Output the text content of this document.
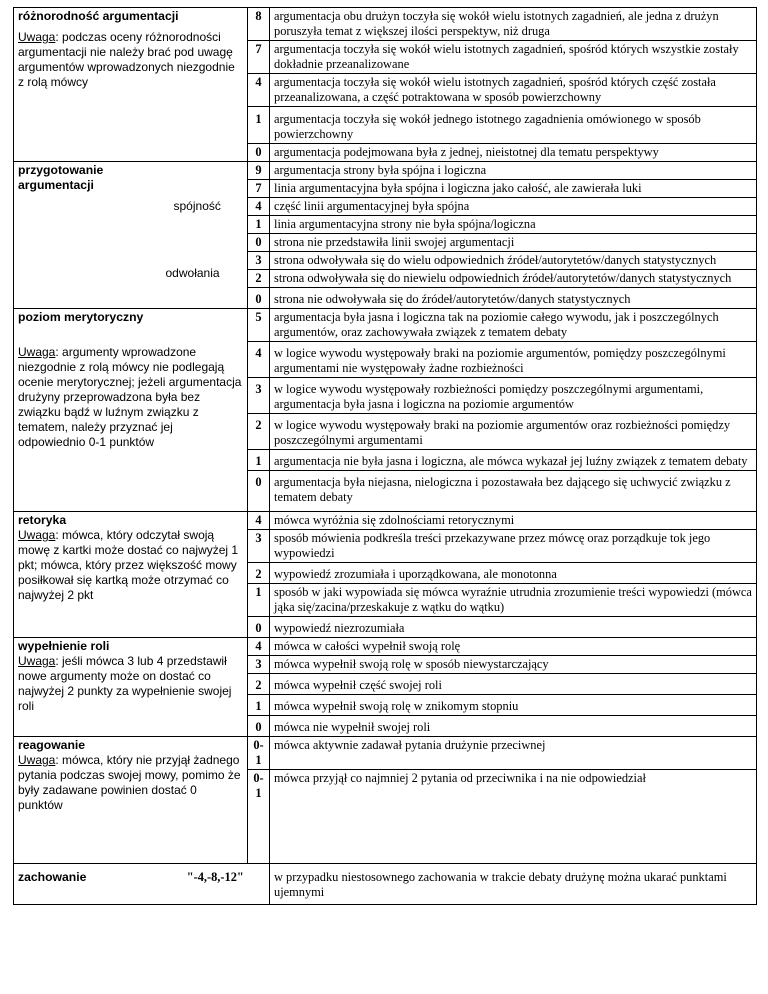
różnorodność argumentacji
Uwaga: podczas oceny różnorodności argumentacji nie należy brać pod uwagę argumentów wprowadzonych niezgodnie z rolą mówcy		8	argumentacja obu drużyn toczyła się wokół wielu istotnych zagadnień, ale jedna z drużyn poruszyła temat z większej ilości perspektyw, niż druga
		7	argumentacja toczyła się wokół wielu istotnych zagadnień, spośród których wszystkie zostały dokładnie przeanalizowane
		4	argumentacja toczyła się wokół wielu istotnych zagadnień, spośród których część została przeanalizowana, a część potraktowana w sposób powierzchowny
		1	argumentacja toczyła się wokół jednego istotnego zagadnienia omówionego w sposób powierzchowny
		0	argumentacja podejmowana była z jednej, nieistotnej dla tematu perspektywy

przygotowanie argumentacji		9	argumentacja strony była spójna i logiczna
		7	linia argumentacyjna była spójna i logiczna jako całość, ale zawierała luki

	spójność	4	część linii argumentacyjnej była spójna
		1	linia argumentacyjna strony nie była spójna/logiczna
		0	strona nie przedstawiła linii swojej argumentacji

	odwołania	3	strona odwoływała się do wielu odpowiednich źródeł/autorytetów/danych statystycznych
		2	strona odwoływała się do niewielu odpowiednich źródeł/autorytetów/danych statystycznych
		0	strona nie odwoływała się do źródeł/autorytetów/danych statystycznych

poziom merytoryczny		5	argumentacja była jasna i logiczna tak na poziomie całego wywodu, jak i poszczególnych argumentów, oraz zachowywała związek z tematem debaty

Uwaga: argumenty wprowadzone niezgodnie z rolą mówcy nie podlegają ocenie merytorycznej; jeżeli argumentacja drużyny przeprowadzona była bez związku bądź w luźnym związku z tematem, należy przyznać jej odpowiednio 0-1 punktów		4	w logice wywodu występowały braki na poziomie argumentów, pomiędzy poszczególnymi argumentami nie występowały żadne rozbieżności
		3	w logice wywodu występowały rozbieżności pomiędzy poszczególnymi argumentami, argumentacja była jasna i logiczna na poziomie argumentów
		2	w logice wywodu występowały braki na poziomie argumentów oraz rozbieżności pomiędzy poszczególnymi argumentami
		1	argumentacja nie była jasna i logiczna, ale mówca wykazał jej luźny związek z tematem debaty
		0	argumentacja była niejasna, nielogiczna i pozostawała bez dającego się uchwycić związku z tematem debaty

retoryka
Uwaga: mówca, który odczytał swoją mowę z kartki może dostać co najwyżej 1 pkt; mówca, który przez większość mowy posiłkował się kartką może otrzymać co najwyżej 2 pkt		4	mówca wyróżnia się zdolnościami retorycznymi
		3	sposób mówienia podkreśla treści przekazywane przez mówcę oraz porządkuje tok jego wypowiedzi
		2	wypowiedź zrozumiała i uporządkowana, ale monotonna
		1	sposób w jaki wypowiada się mówca wyraźnie utrudnia zrozumienie treści wypowiedzi (mówca jąka się/zacina/przeskakuje z wątku do wątku)
		0	wypowiedź niezrozumiała

wypełnienie roli
Uwaga: jeśli mówca 3 lub 4 przedstawił nowe argumenty może on dostać co najwyżej 2 punkty za wypełnienie swojej roli		4	mówca w całości wypełnił swoją rolę
		3	mówca wypełnił swoją rolę w sposób niewystarczający
		2	mówca wypełnił część swojej roli
		1	mówca wypełnił swoją rolę w znikomym stopniu
		0	mówca nie wypełnił swojej roli

reagowanie
Uwaga: mówca, który nie przyjął żadnego pytania podczas swojej mowy, pomimo że były zadawane powinien dostać 0 punktów		0-1	mówca aktywnie zadawał pytania drużynie przeciwnej
		0-1	mówca przyjął co najmniej 2 pytania od przeciwnika i na nie odpowiedział

zachowanie	"-4,-8,-12"		w przypadku niestosownego zachowania w trakcie debaty drużynę można ukarać punktami ujemnymi
